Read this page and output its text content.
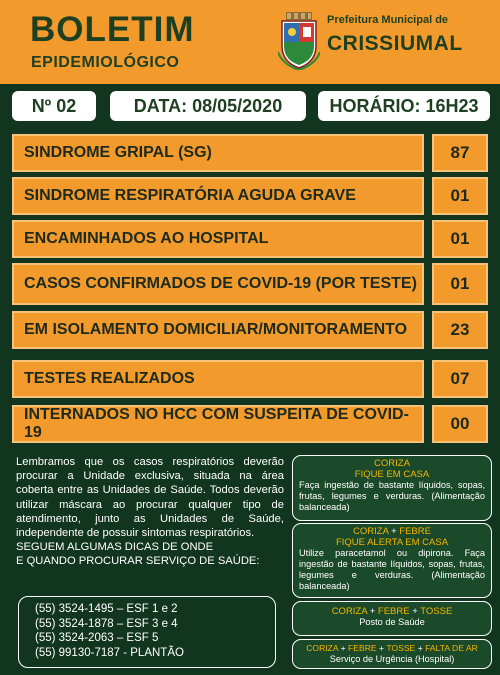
BOLETIM
EPIDEMIOLÓGICO
Prefeitura Municipal de
CRISSIUMAL
Nº 02	DATA: 08/05/2020	HORÁRIO: 16H23
SINDROME GRIPAL (SG)	87
SINDROME RESPIRATÓRIA AGUDA GRAVE	01
ENCAMINHADOS AO HOSPITAL	01
CASOS CONFIRMADOS DE COVID-19 (POR TESTE)	01
EM ISOLAMENTO DOMICILIAR/MONITORAMENTO	23
TESTES REALIZADOS	07
INTERNADOS NO HCC COM SUSPEITA DE COVID-19	00
Lembramos que os casos respiratórios deverão procurar a Unidade exclusiva, situada na área coberta entre as Unidades de Saúde. Todos deverão utilizar máscara ao procurar qualquer tipo de atendimento, junto as Unidades de Saúde, independente de possuir sintomas respiratórios.
SEGUEM ALGUMAS DICAS DE ONDE
E QUANDO PROCURAR SERVIÇO DE SAÚDE:
(55) 3524-1495 – ESF 1 e 2
(55) 3524-1878 – ESF 3 e 4
(55) 3524-2063 – ESF 5
(55) 99130-7187 - PLANTÃO
CORIZA
FIQUE EM CASA
Faça ingestão de bastante líquidos, sopas, frutas, legumes e verduras. (Alimentação balanceada)
CORIZA + FEBRE
FIQUE ALERTA EM CASA
Utilize paracetamol ou dipirona. Faça ingestão de bastante líquidos, sopas, frutas, legumes e verduras. (Alimentação balanceada)
CORIZA + FEBRE + TOSSE
Posto de Saúde
CORIZA + FEBRE + TOSSE + FALTA DE AR
Serviço de Urgência (Hospital)
